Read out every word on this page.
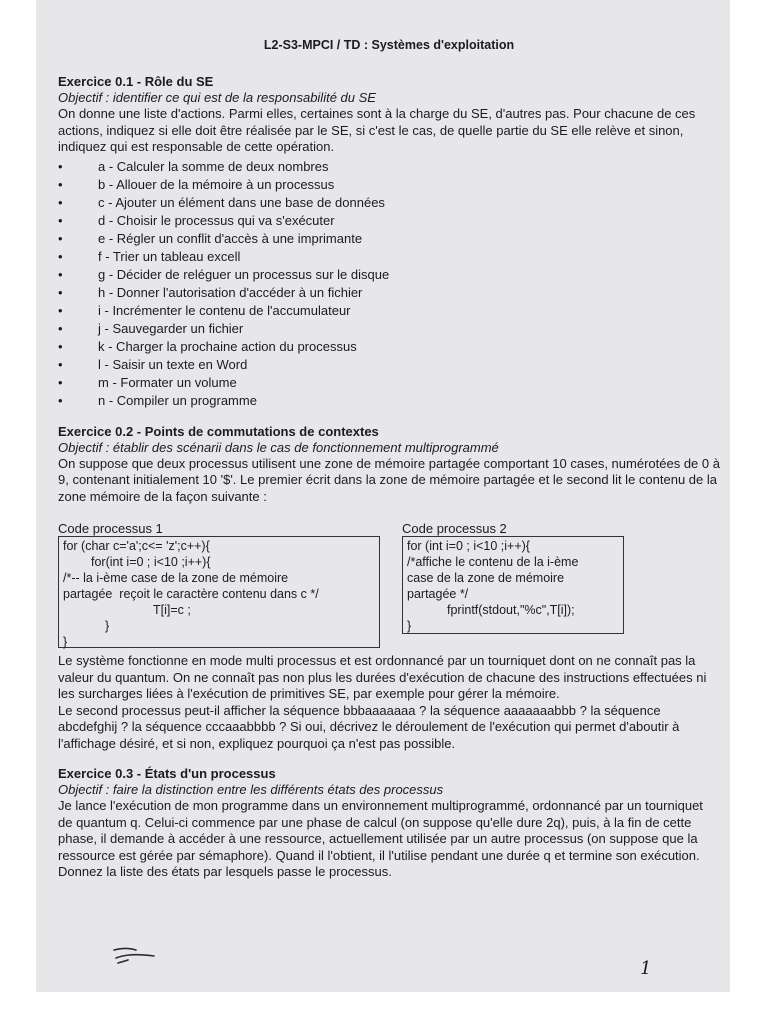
L2-S3-MPCI / TD : Systèmes d'exploitation
Exercice 0.1 - Rôle du SE
Objectif : identifier ce qui est de la responsabilité du SE

On donne une liste d'actions. Parmi elles, certaines sont à la charge du SE, d'autres pas. Pour chacune de ces actions, indiquez si elle doit être réalisée par le SE, si c'est le cas, de quelle partie du SE elle relève et sinon, indiquez qui est responsable de cette opération.

• a - Calculer la somme de deux nombres
• b - Allouer de la mémoire à un processus
• c - Ajouter un élément dans une base de données
• d - Choisir le processus qui va s'exécuter
• e - Régler un conflit d'accès à une imprimante
• f - Trier un tableau excell
• g - Décider de reléguer un processus sur le disque
• h - Donner l'autorisation d'accéder à un fichier
• i - Incrémenter le contenu de l'accumulateur
• j - Sauvegarder un fichier
• k - Charger la prochaine action du processus
• l - Saisir un texte en Word
• m - Formater un volume
• n - Compiler un programme
Exercice 0.2 - Points de commutations de contextes
Objectif : établir des scénarii dans le cas de fonctionnement multiprogrammé

On suppose que deux processus utilisent une zone de mémoire partagée comportant 10 cases, numérotées de 0 à 9, contenant initialement 10 '$'. Le premier écrit dans la zone de mémoire partagée et le second lit le contenu de la zone mémoire de la façon suivante :

Code processus 1
for (char c='a';c<= 'z';c++){
for(int i=0 ; i<10 ;i++){
/*-- la i-ème case de la zone de mémoire
partagée  reçoit le caractère contenu dans c */
T[i]=c ;
}
}
Code processus 2
for (int i=0 ; i<10 ;i++){
/*affiche le contenu de la i-ème
case de la zone de mémoire
partagée */
fprintf(stdout,"%c",T[i]);
}

Le système fonctionne en mode multi processus et est ordonnancé par un tourniquet dont on ne connaît pas la valeur du quantum. On ne connaît pas non plus les durées d'exécution de chacune des instructions effectuées ni les surcharges liées à l'exécution de primitives SE, par exemple pour gérer la mémoire.

Le second processus peut-il afficher la séquence bbbaaaaaaa ? la séquence aaaaaaabbb ? la séquence abcdefghij ? la séquence cccaaabbbb ? Si oui, décrivez le déroulement de l'exécution qui permet d'aboutir à l'affichage désiré, et si non, expliquez pourquoi ça n'est pas possible.

Exercice 0.3 - États d'un processus
Objectif : faire la distinction entre les différents états des processus

Je lance l'exécution de mon programme dans un environnement multiprogrammé, ordonnancé par un tourniquet de quantum q. Celui-ci commence par une phase de calcul (on suppose qu'elle dure 2q), puis, à la fin de cette phase, il demande à accéder à une ressource, actuellement utilisée par un autre processus (on suppose que la ressource est gérée par sémaphore). Quand il l'obtient, il l'utilise pendant une durée q et termine son exécution.

Donnez la liste des états par lesquels passe le processus.

1
